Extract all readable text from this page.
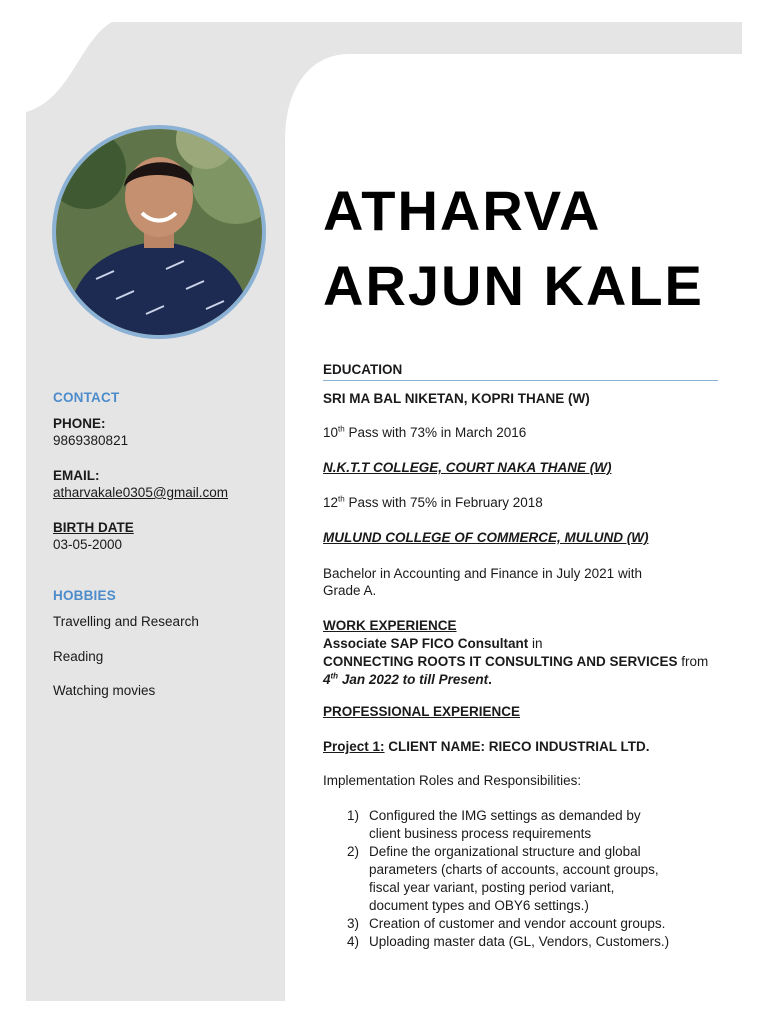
CONTACT
PHONE:
9869380821
EMAIL:
atharvakale0305@gmail.com
BIRTH DATE
03-05-2000
HOBBIES
Travelling and Research
Reading
Watching movies
ATHARVA
ARJUN KALE
EDUCATION
SRI MA BAL NIKETAN, KOPRI THANE (W)
10th Pass with 73% in March 2016
N.K.T.T COLLEGE, COURT NAKA THANE (W)
12th Pass with 75% in February 2018
MULUND COLLEGE OF COMMERCE, MULUND (W)
Bachelor in Accounting and Finance in July 2021 with
Grade A.
WORK EXPERIENCE
Associate SAP FICO Consultant in
CONNECTING ROOTS IT CONSULTING AND SERVICES from
4th Jan 2022 to till Present.
PROFESSIONAL EXPERIENCE
Project 1: CLIENT NAME: RIECO INDUSTRIAL LTD.
Implementation Roles and Responsibilities:
1) Configured the IMG settings as demanded by
client business process requirements
2) Define the organizational structure and global
parameters (charts of accounts, account groups,
fiscal year variant, posting period variant,
document types and OBY6 settings.)
3) Creation of customer and vendor account groups.
4) Uploading master data (GL, Vendors, Customers.)
